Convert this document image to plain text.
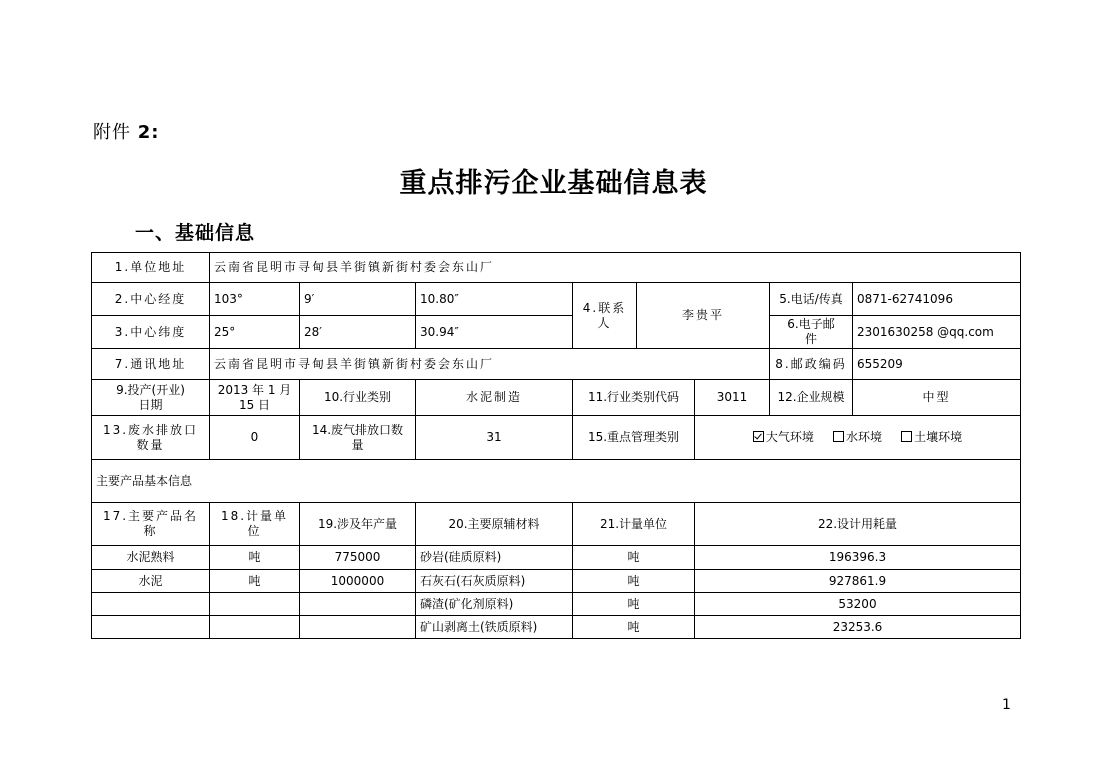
附件 2:
重点排污企业基础信息表
一、基础信息
1.单位地址	云南省昆明市寻甸县羊街镇新街村委会东山厂							
2.中心经度	103°	9′	10.80″	4.联系
人	李贵平		5.电话/传真	0871-62741096
3.中心纬度	25°	28′	30.94″				6.电子邮
件	2301630258 @qq.com
7.通讯地址	云南省昆明市寻甸县羊街镇新街村委会东山厂						8.邮政编码	655209
9.投产(开业)
日期	2013 年 1 月
15 日	10.行业类别	水泥制造	11.行业类别代码		3011	12.企业规模	中型
13.废水排放口
数量	0	14.废气排放口数
量	31	15.重点管理类别		大气环境 水环境 土壤环境		
主要产品基本信息								
17.主要产品名
称	18.计量单
位	19.涉及年产量	20.主要原辅材料	21.计量单位		22.设计用耗量		
水泥熟料	吨	775000	砂岩(硅质原料)	吨		196396.3		
水泥	吨	1000000	石灰石(石灰质原料)	吨		927861.9		
			磷渣(矿化剂原料)	吨		53200		
			矿山剥离土(铁质原料)	吨		23253.6		
1
